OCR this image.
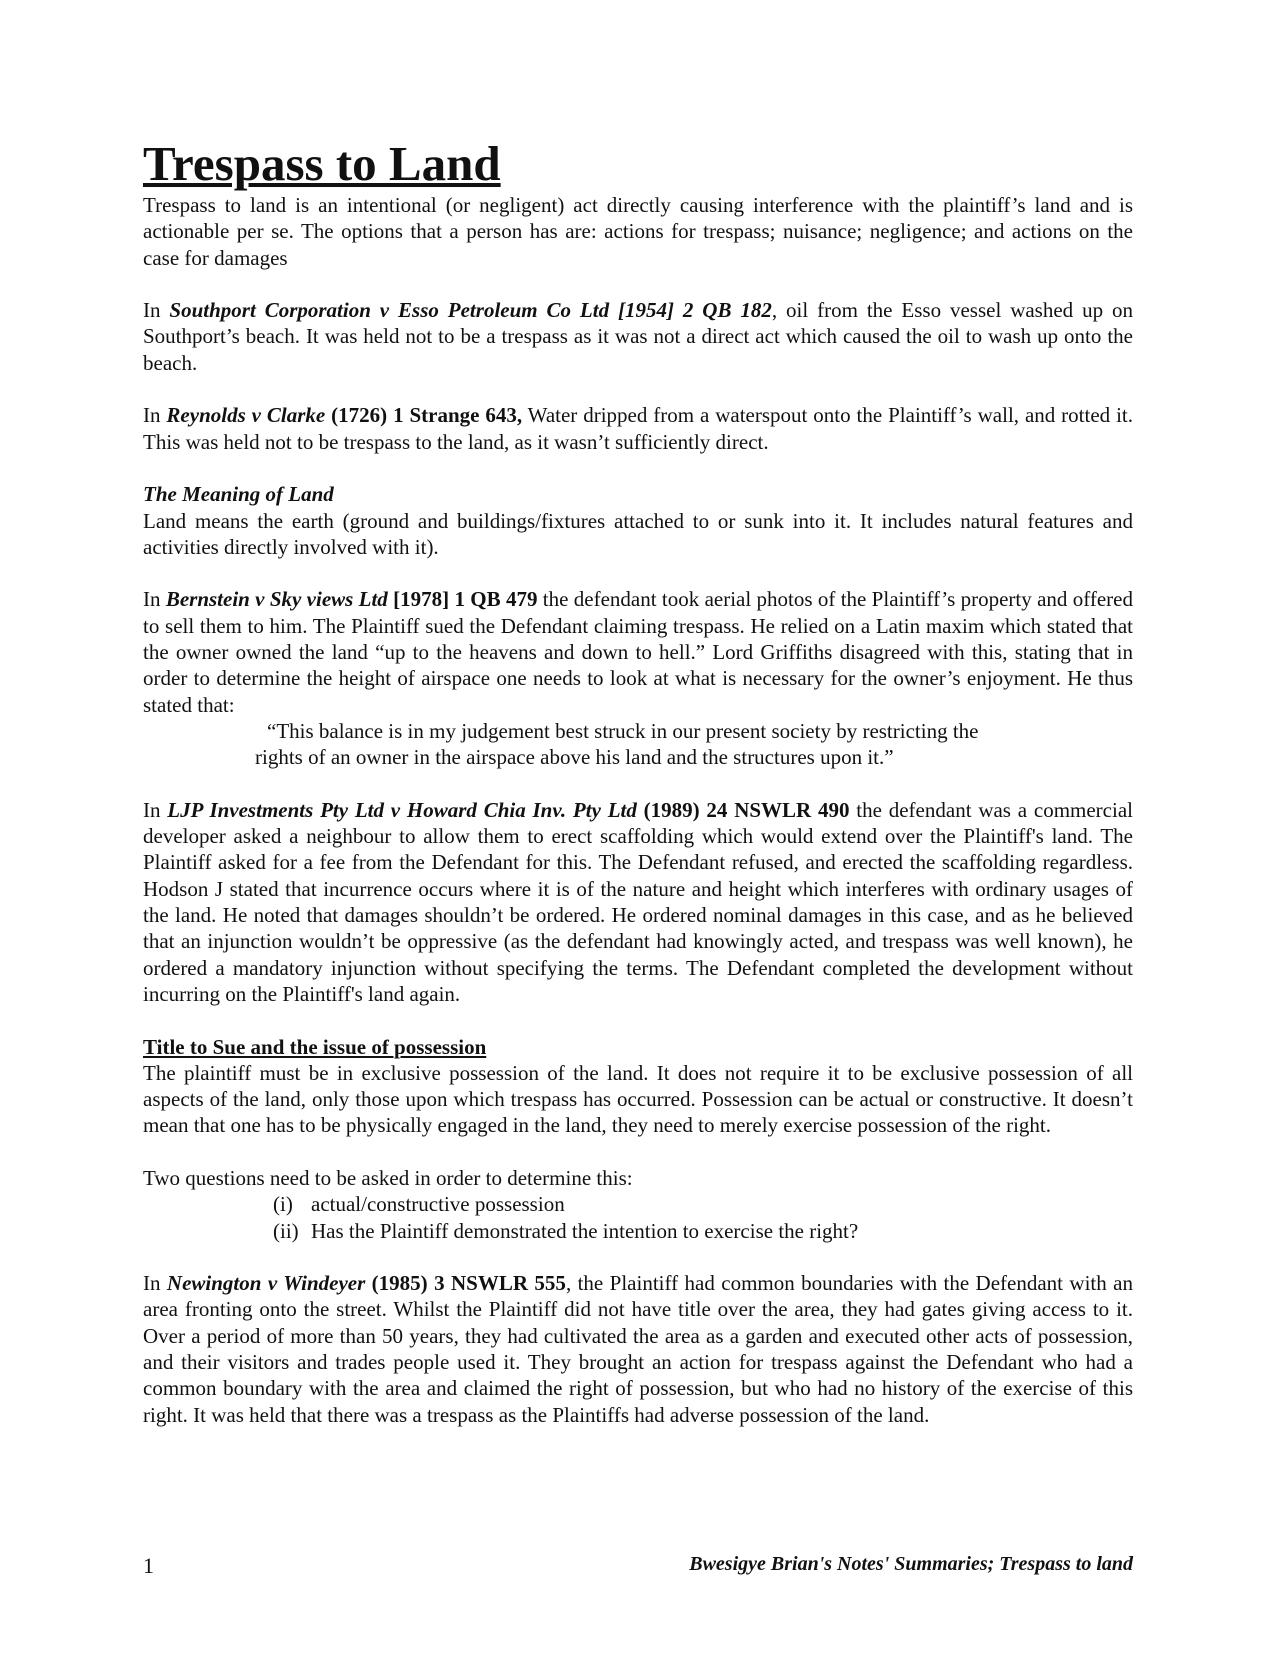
Trespass to Land

Trespass to land is an intentional (or negligent) act directly causing interference with the plaintiff’s land and is actionable per se. The options that a person has are: actions for trespass; nuisance; negligence; and actions on the case for damages

In Southport Corporation v Esso Petroleum Co Ltd [1954] 2 QB 182, oil from the Esso vessel washed up on Southport’s beach. It was held not to be a trespass as it was not a direct act which caused the oil to wash up onto the beach.

In Reynolds v Clarke (1726) 1 Strange 643, Water dripped from a waterspout onto the Plaintiff’s wall, and rotted it. This was held not to be trespass to the land, as it wasn’t sufficiently direct.

The Meaning of Land

Land means the earth (ground and buildings/fixtures attached to or sunk into it. It includes natural features and activities directly involved with it).

In Bernstein v Sky views Ltd [1978] 1 QB 479 the defendant took aerial photos of the Plaintiff’s property and offered to sell them to him. The Plaintiff sued the Defendant claiming trespass. He relied on a Latin maxim which stated that the owner owned the land “up to the heavens and down to hell.” Lord Griffiths disagreed with this, stating that in order to determine the height of airspace one needs to look at what is necessary for the owner’s enjoyment. He thus stated that:

“This balance is in my judgement best struck in our present society by restricting the
rights of an owner in the airspace above his land and the structures upon it.”

In LJP Investments Pty Ltd v Howard Chia Inv. Pty Ltd (1989) 24 NSWLR 490 the defendant was a commercial developer asked a neighbour to allow them to erect scaffolding which would extend over the Plaintiff's land. The Plaintiff asked for a fee from the Defendant for this. The Defendant refused, and erected the scaffolding regardless. Hodson J stated that incurrence occurs where it is of the nature and height which interferes with ordinary usages of the land. He noted that damages shouldn’t be ordered. He ordered nominal damages in this case, and as he believed that an injunction wouldn’t be oppressive (as the defendant had knowingly acted, and trespass was well known), he ordered a mandatory injunction without specifying the terms. The Defendant completed the development without incurring on the Plaintiff's land again.

Title to Sue and the issue of possession

The plaintiff must be in exclusive possession of the land. It does not require it to be exclusive possession of all aspects of the land, only those upon which trespass has occurred. Possession can be actual or constructive. It doesn’t mean that one has to be physically engaged in the land, they need to merely exercise possession of the right.

Two questions need to be asked in order to determine this:

(i) actual/constructive possession
(ii) Has the Plaintiff demonstrated the intention to exercise the right?

In Newington v Windeyer (1985) 3 NSWLR 555, the Plaintiff had common boundaries with the Defendant with an area fronting onto the street. Whilst the Plaintiff did not have title over the area, they had gates giving access to it. Over a period of more than 50 years, they had cultivated the area as a garden and executed other acts of possession, and their visitors and trades people used it. They brought an action for trespass against the Defendant who had a common boundary with the area and claimed the right of possession, but who had no history of the exercise of this right. It was held that there was a trespass as the Plaintiffs had adverse possession of the land.

1	Bwesigye Brian's Notes' Summaries; Trespass to land
